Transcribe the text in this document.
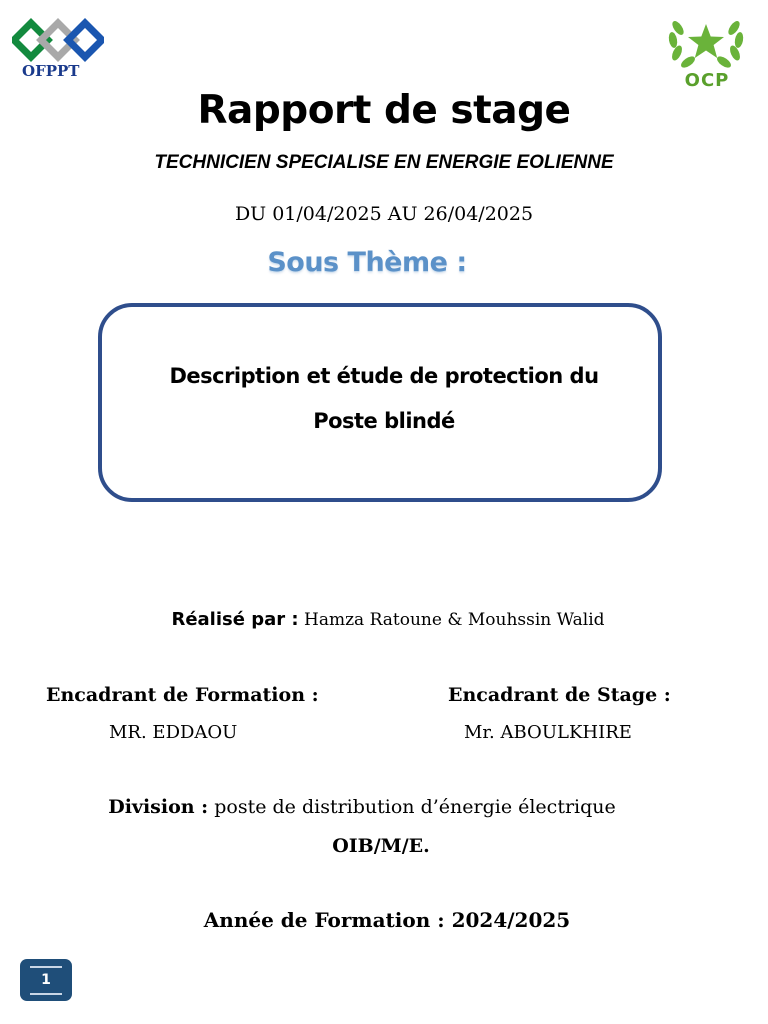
OFPPT	OCP
Rapport de stage
TECHNICIEN SPECIALISE EN ENERGIE EOLIENNE
DU 01/04/2025 AU 26/04/2025
Sous Thème :
Description et étude de protection du
Poste blindé
Réalisé par : Hamza Ratoune & Mouhssin Walid
Encadrant de Formation :
MR. EDDAOU
Encadrant de Stage :
Mr. ABOULKHIRE
Division : poste de distribution d’énergie électrique
OIB/M/E.
Année de Formation : 2024/2025
1
